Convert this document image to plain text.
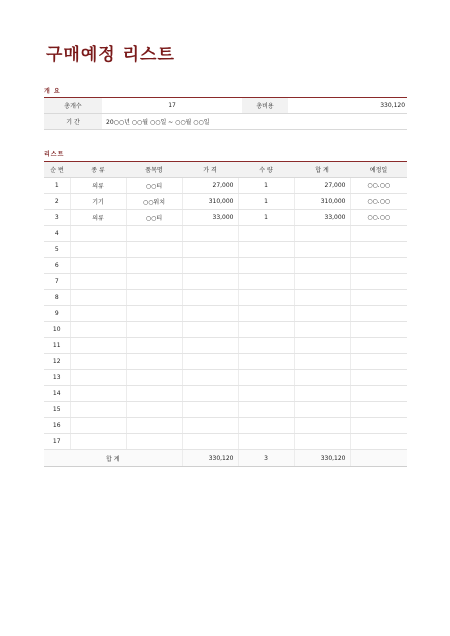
구매예정 리스트
개 요
총개수	17	총비용	330,120
기 간	20○○년 ○○월 ○○일 ~ ○○월 ○○일		
리스트
순 번	종 류	품목명	가 격	수 량	합 계	예정일
1	의류	○○티	27,000	1	27,000	○○.○○
2	기기	○○워치	310,000	1	310,000	○○.○○
3	의류	○○티	33,000	1	33,000	○○.○○
4						
5						
6						
7						
8						
9						
10						
11						
12						
13						
14						
15						
16						
17						
합 계			330,120	3	330,120	
